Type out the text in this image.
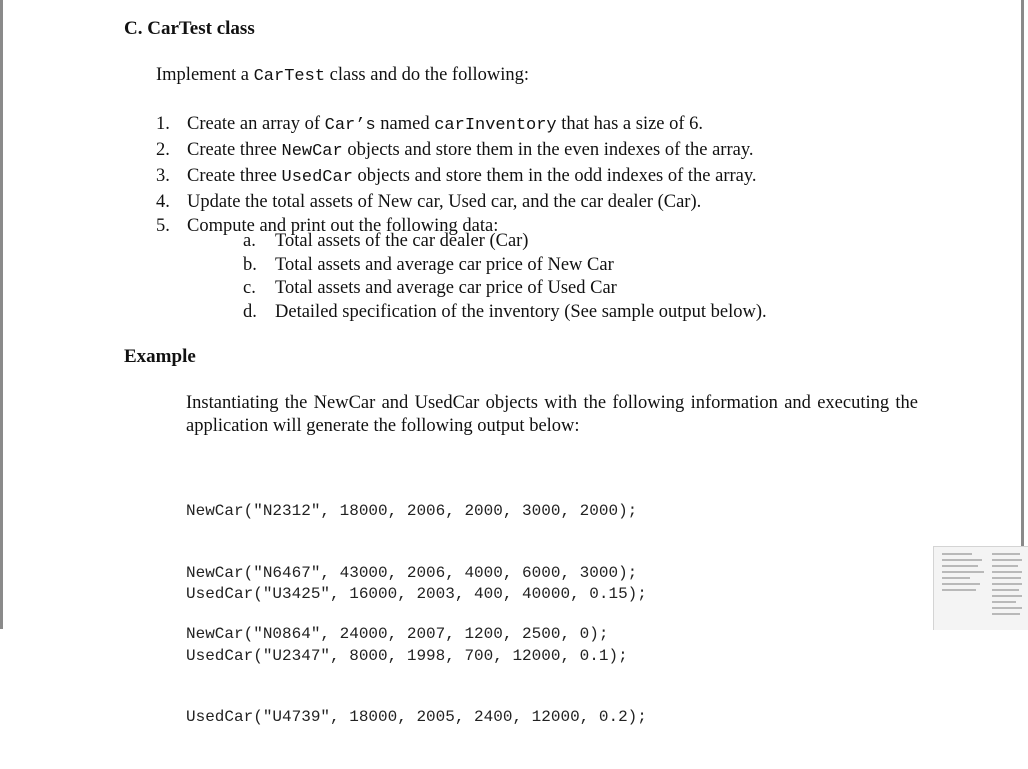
C. CarTest class
Implement a CarTest class and do the following:
1. Create an array of Car’s named carInventory that has a size of 6.
2. Create three NewCar objects and store them in the even indexes of the array.
3. Create three UsedCar objects and store them in the odd indexes of the array.
4. Update the total assets of New car, Used car, and the car dealer (Car).
5. Compute and print out the following data:
a.	Total assets of the car dealer (Car)
b. Total assets and average car price of New Car
c.	Total assets and average car price of Used Car
d. Detailed specification of the inventory (See sample output below).
Example
Instantiating the NewCar and UsedCar objects with the following information and executing the application will generate the following output below:

NewCar("N2312", 18000, 2006, 2000, 3000, 2000);

NewCar("N6467", 43000, 2006, 4000, 6000, 3000);

NewCar("N0864", 24000, 2007, 1200, 2500, 0);

UsedCar("U3425", 16000, 2003, 400, 40000, 0.15);

UsedCar("U2347", 8000, 1998, 700, 12000, 0.1);

UsedCar("U4739", 18000, 2005, 2400, 12000, 0.2);
